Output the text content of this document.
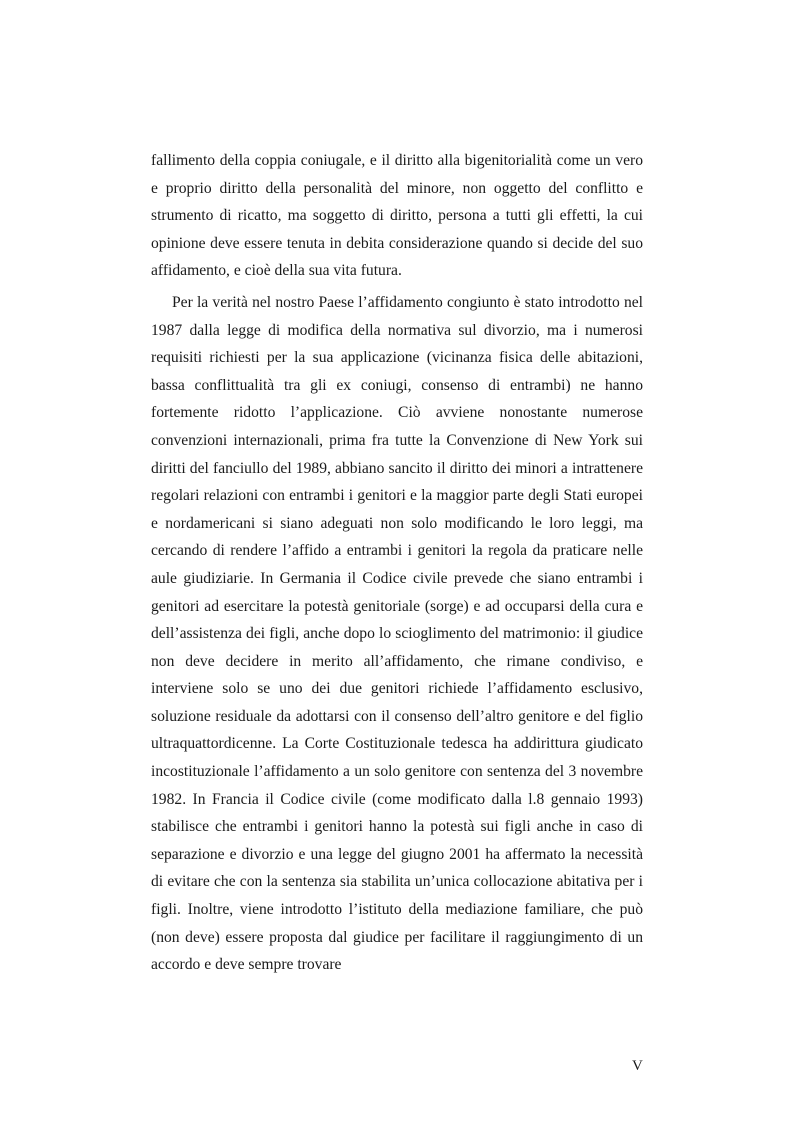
fallimento della coppia coniugale, e il diritto alla bigenitorialità come un vero e proprio diritto della personalità del minore, non oggetto del conflitto e strumento di ricatto, ma soggetto di diritto, persona a tutti gli effetti, la cui opinione deve essere tenuta in debita considerazione quando si decide del suo affidamento, e cioè della sua vita futura.

Per la verità nel nostro Paese l’affidamento congiunto è stato introdotto nel 1987 dalla legge di modifica della normativa sul divorzio, ma i numerosi requisiti richiesti per la sua applicazione (vicinanza fisica delle abitazioni, bassa conflittualità tra gli ex coniugi, consenso di entrambi) ne hanno fortemente ridotto l’applicazione. Ciò avviene nonostante numerose convenzioni internazionali, prima fra tutte la Convenzione di New York sui diritti del fanciullo del 1989, abbiano sancito il diritto dei minori a intrattenere regolari relazioni con entrambi i genitori e la maggior parte degli Stati europei e nordamericani si siano adeguati non solo modificando le loro leggi, ma cercando di rendere l’affido a entrambi i genitori la regola da praticare nelle aule giudiziarie. In Germania il Codice civile prevede che siano entrambi i genitori ad esercitare la potestà genitoriale (sorge) e ad occuparsi della cura e dell’assistenza dei figli, anche dopo lo scioglimento del matrimonio: il giudice non deve decidere in merito all’affidamento, che rimane condiviso, e interviene solo se uno dei due genitori richiede l’affidamento esclusivo, soluzione residuale da adottarsi con il consenso dell’altro genitore e del figlio ultraquattordicenne. La Corte Costituzionale tedesca ha addirittura giudicato incostituzionale l’affidamento a un solo genitore con sentenza del 3 novembre 1982. In Francia il Codice civile (come modificato dalla l.8 gennaio 1993) stabilisce che entrambi i genitori hanno la potestà sui figli anche in caso di separazione e divorzio e una legge del giugno 2001 ha affermato la necessità di evitare che con la sentenza sia stabilita un’unica collocazione abitativa per i figli. Inoltre, viene introdotto l’istituto della mediazione familiare, che può (non deve) essere proposta dal giudice per facilitare il raggiungimento di un accordo e deve sempre trovare

V
